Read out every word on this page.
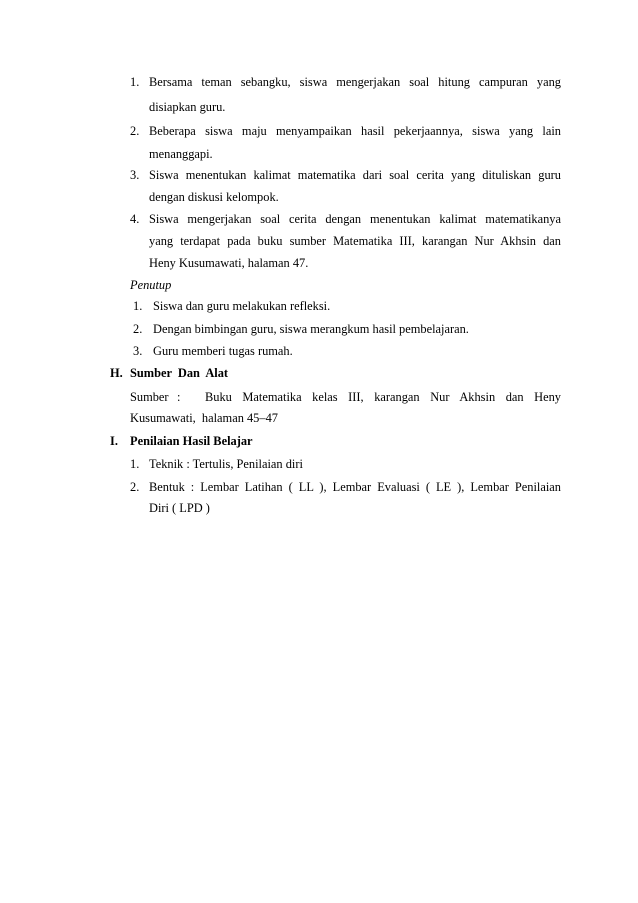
1. Bersama teman sebangku, siswa mengerjakan soal hitung campuran yang
disiapkan guru.
2. Beberapa siswa maju menyampaikan hasil pekerjaannya, siswa yang lain
menanggapi.
3. Siswa menentukan kalimat matematika dari soal cerita yang dituliskan guru
dengan diskusi kelompok.
4. Siswa mengerjakan soal cerita dengan menentukan kalimat matematikanya
yang terdapat pada buku sumber Matematika III, karangan Nur Akhsin dan
Heny Kusumawati, halaman 47.
Penutup
1. Siswa dan guru melakukan refleksi.
2. Dengan bimbingan guru, siswa merangkum hasil pembelajaran.
3. Guru memberi tugas rumah.
H. Sumber Dan Alat
Sumber : Buku Matematika kelas III, karangan Nur Akhsin dan Heny
Kusumawati,  halaman 45–47
I. Penilaian Hasil Belajar
1. Teknik : Tertulis, Penilaian diri
2. Bentuk : Lembar Latihan ( LL ), Lembar Evaluasi ( LE ), Lembar Penilaian
Diri ( LPD )
